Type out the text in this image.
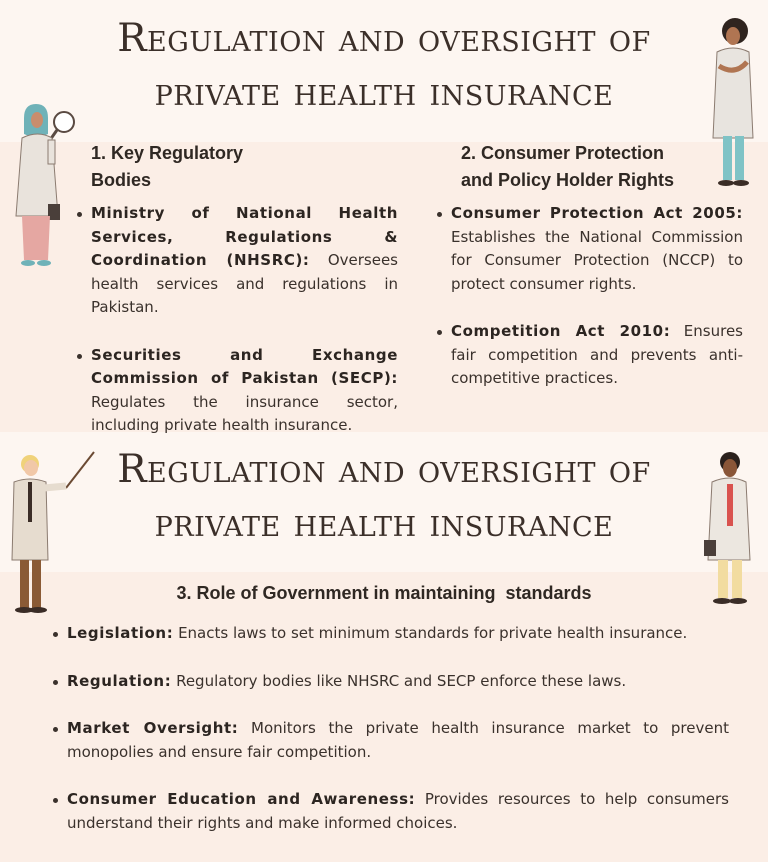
Regulation and oversight of
private health insurance
1. Key Regulatory
Bodies
Ministry of National Health Services, Regulations & Coordination (NHSRC): Oversees health services and regulations in Pakistan.
Securities and Exchange Commission of Pakistan (SECP): Regulates the insurance sector, including private health insurance.
2. Consumer Protection
and Policy Holder Rights
Consumer Protection Act 2005: Establishes the National Commission for Consumer Protection (NCCP) to protect consumer rights.
Competition Act 2010: Ensures fair competition and prevents anti-competitive practices.
Regulation and oversight of
private health insurance
3. Role of Government in maintaining  standards
Legislation: Enacts laws to set minimum standards for private health insurance.
Regulation: Regulatory bodies like NHSRC and SECP enforce these laws.
Market Oversight: Monitors the private health insurance market to prevent monopolies and ensure fair competition.
Consumer Education and Awareness: Provides resources to help consumers understand their rights and make informed choices.
